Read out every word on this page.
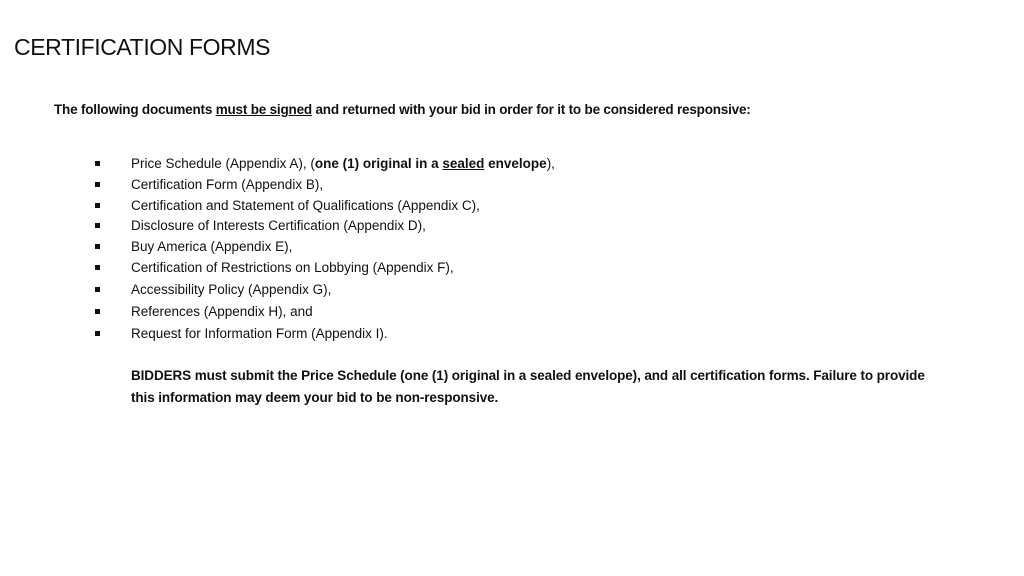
CERTIFICATION FORMS

The following documents must be signed and returned with your bid in order for it to be considered responsive:

Price Schedule (Appendix A), (one (1) original in a sealed envelope),
Certification Form (Appendix B),
Certification and Statement of Qualifications (Appendix C),
Disclosure of Interests Certification (Appendix D),
Buy America (Appendix E),
Certification of Restrictions on Lobbying (Appendix F),
Accessibility Policy (Appendix G),
References (Appendix H), and
Request for Information Form (Appendix I).

BIDDERS must submit the Price Schedule (one (1) original in a sealed envelope), and all certification forms. Failure to provide this information may deem your bid to be non-responsive.
